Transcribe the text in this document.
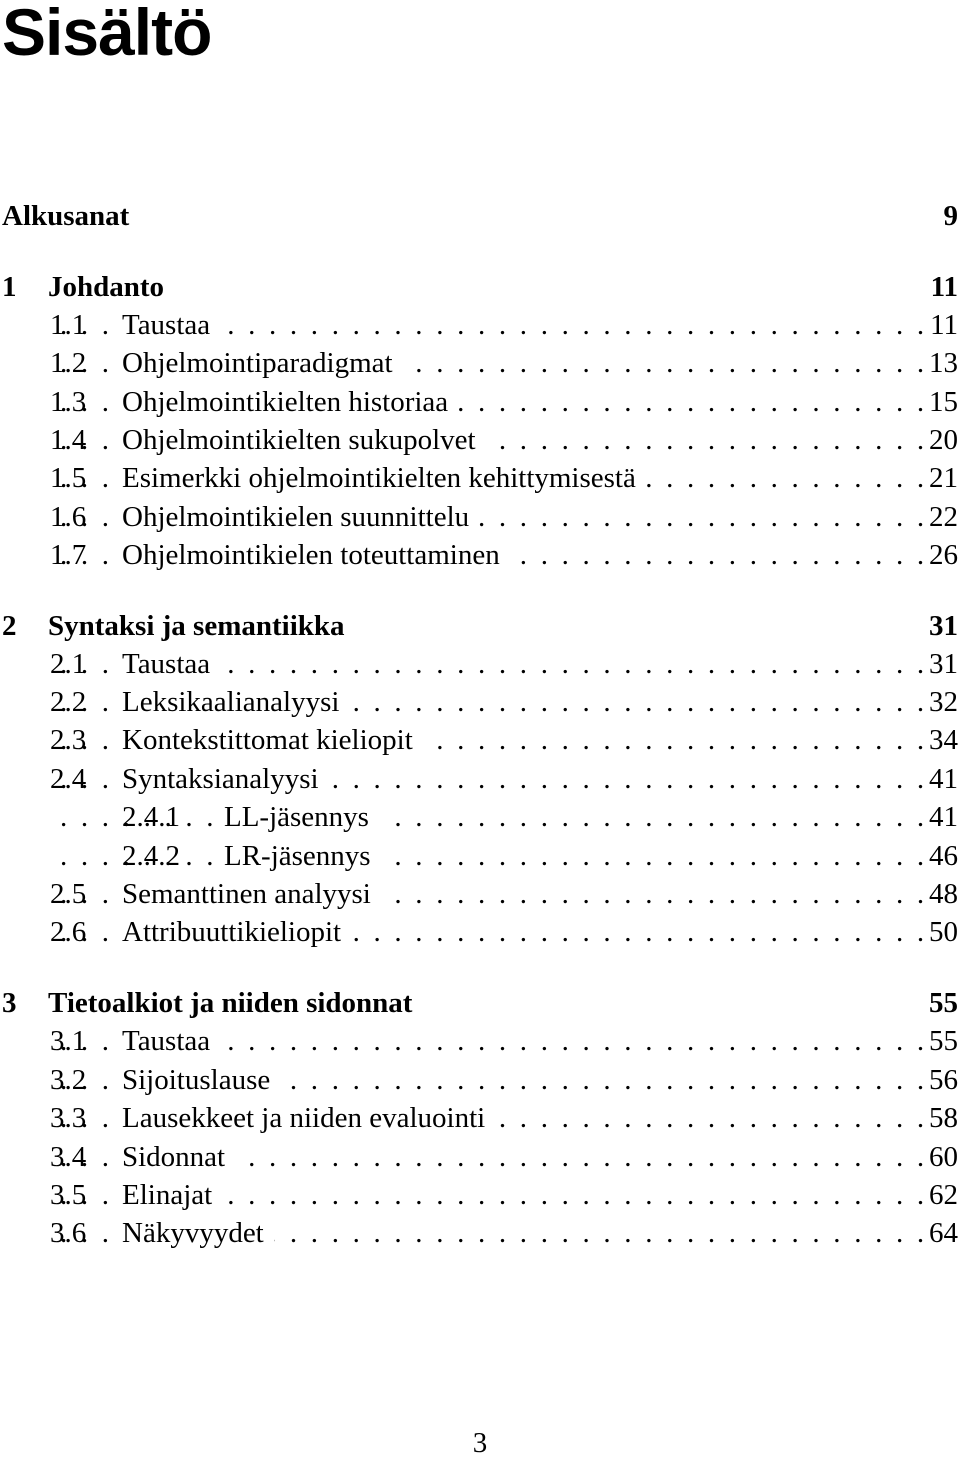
Sisältö
Alkusanat	9
1 Johdanto	11
1.1 Taustaa . . .	11
1.2 Ohjelmointiparadigmat . . .	13
1.3 Ohjelmointikielten historiaa . . .	15
1.4 Ohjelmointikielten sukupolvet . . .	20
1.5 Esimerkki ohjelmointikielten kehittymisestä . . .	21
1.6 Ohjelmointikielen suunnittelu . . .	22
1.7 Ohjelmointikielen toteuttaminen . . .	26
2 Syntaksi ja semantiikka	31
2.1 Taustaa . . .	31
2.2 Leksikaalianalyysi . . .	32
2.3 Kontekstittomat kieliopit . . .	34
2.4 Syntaksianalyysi . . .	41
2.4.1 LL-jäsennys . . .	41
2.4.2 LR-jäsennys . . .	46
2.5 Semanttinen analyysi . . .	48
2.6 Attribuuttikieliopit . . .	50
3 Tietoalkiot ja niiden sidonnat	55
3.1 Taustaa . . .	55
3.2 Sijoituslause . . .	56
3.3 Lausekkeet ja niiden evaluointi . . .	58
3.4 Sidonnat . . .	60
3.5 Elinajat . . .	62
3.6 Näkyvyydet . . .	64
3
